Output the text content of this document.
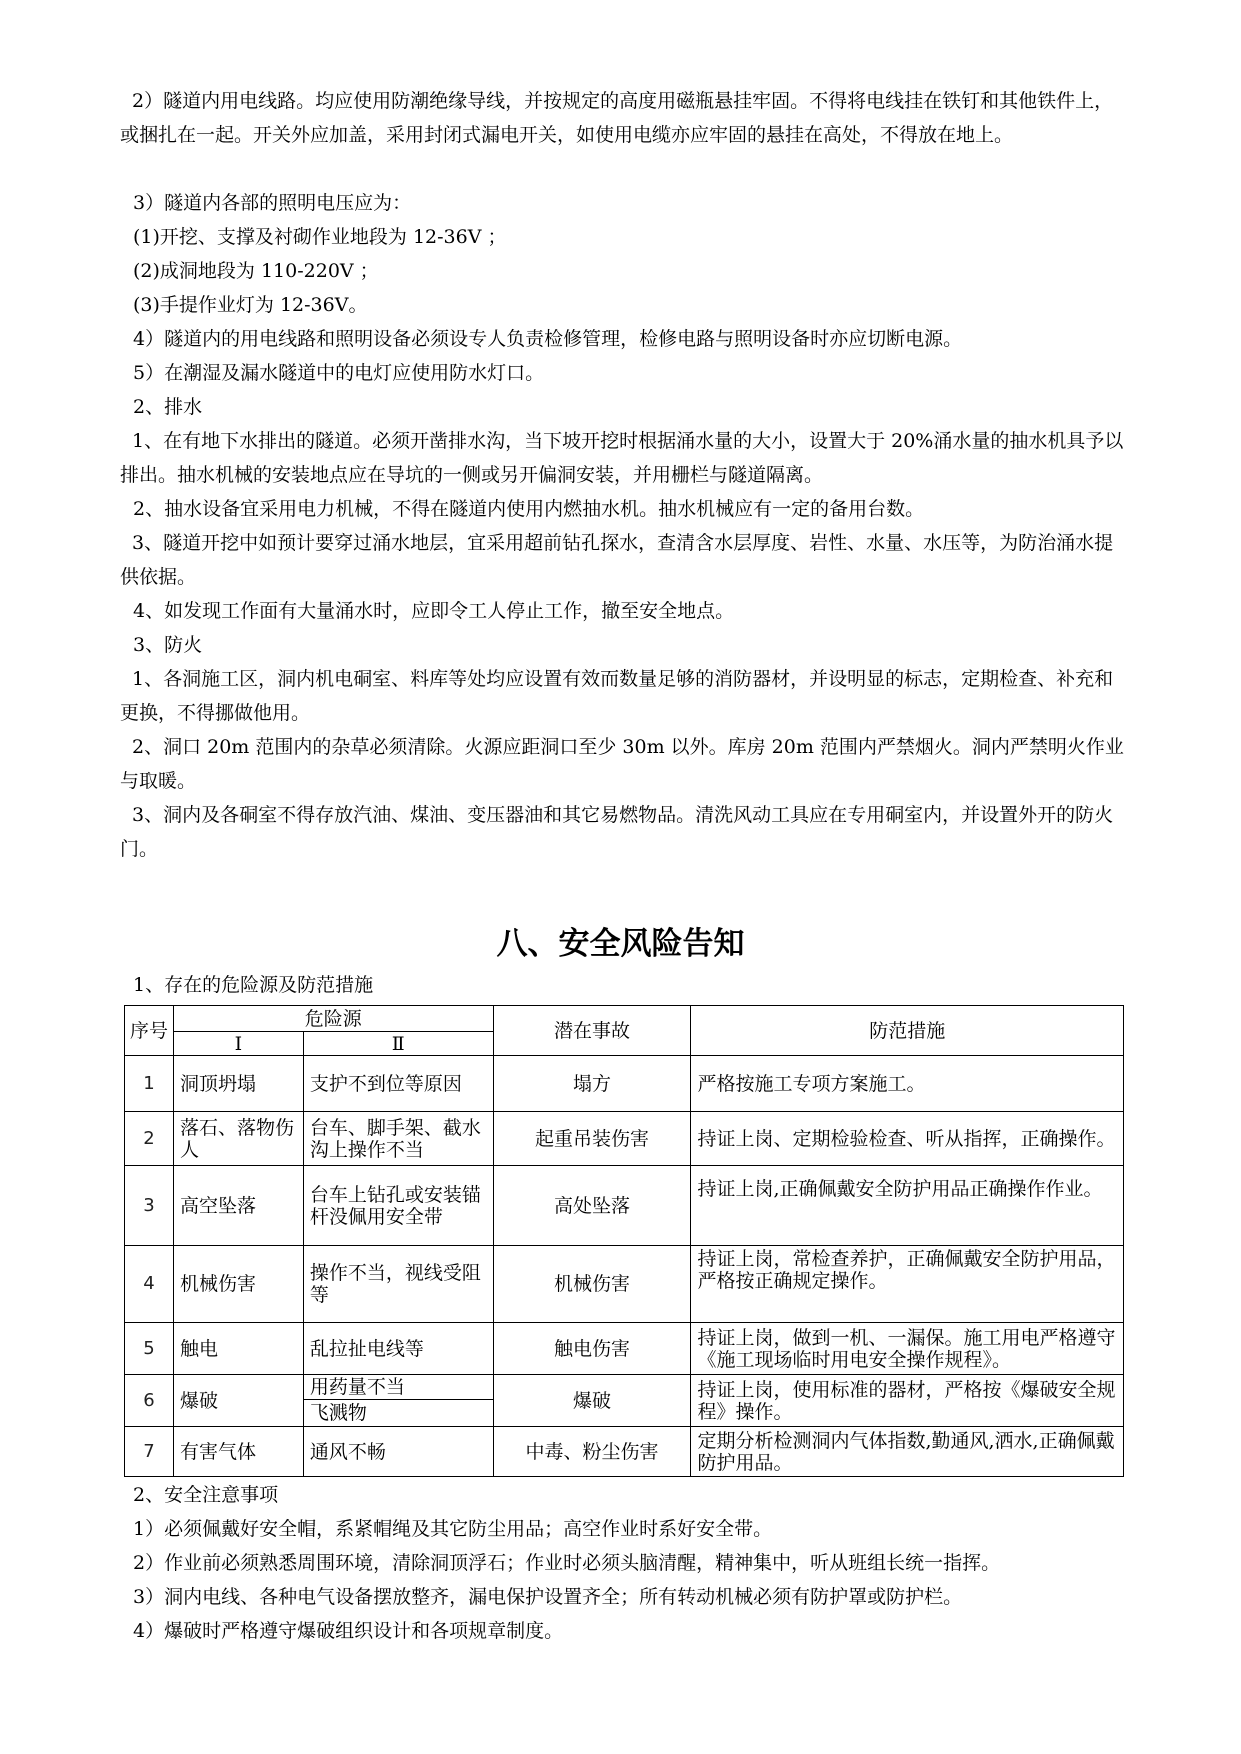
2）隧道内用电线路。均应使用防潮绝缘导线，并按规定的高度用磁瓶悬挂牢固。不得将电线挂在铁钉和其他铁件上，或捆扎在一起。开关外应加盖，采用封闭式漏电开关，如使用电缆亦应牢固的悬挂在高处，不得放在地上。

3）隧道内各部的照明电压应为：

(1)开挖、支撑及衬砌作业地段为 12-36V ；

(2)成洞地段为 110-220V ；

(3)手提作业灯为 12-36V。

4）隧道内的用电线路和照明设备必须设专人负责检修管理，检修电路与照明设备时亦应切断电源。

5）在潮湿及漏水隧道中的电灯应使用防水灯口。

2、排水

1、在有地下水排出的隧道。必须开凿排水沟，当下坡开挖时根据涌水量的大小，设置大于 20%涌水量的抽水机具予以排出。抽水机械的安装地点应在导坑的一侧或另开偏洞安装，并用栅栏与隧道隔离。

2、抽水设备宜采用电力机械，不得在隧道内使用内燃抽水机。抽水机械应有一定的备用台数。

3、隧道开挖中如预计要穿过涌水地层，宜采用超前钻孔探水，查清含水层厚度、岩性、水量、水压等，为防治涌水提供依据。

4、如发现工作面有大量涌水时，应即令工人停止工作，撤至安全地点。

3、防火

1、各洞施工区，洞内机电硐室、料库等处均应设置有效而数量足够的消防器材，并设明显的标志，定期检查、补充和更换，不得挪做他用。

2、洞口 20m 范围内的杂草必须清除。火源应距洞口至少 30m 以外。库房 20m 范围内严禁烟火。洞内严禁明火作业与取暖。

3、洞内及各硐室不得存放汽油、煤油、变压器油和其它易燃物品。清洗风动工具应在专用硐室内，并设置外开的防火门。

八、安全风险告知

1、存在的危险源及防范措施

序号	危险源		潜在事故	防范措施
	Ⅰ	Ⅱ		
1	洞顶坍塌	支护不到位等原因	塌方	严格按施工专项方案施工。
2	落石、落物伤人	台车、脚手架、截水沟上操作不当	起重吊装伤害	持证上岗、定期检验检查、听从指挥，正确操作。
3	高空坠落	台车上钻孔或安装锚杆没佩用安全带	高处坠落	持证上岗,正确佩戴安全防护用品正确操作作业。
4	机械伤害	操作不当，视线受阻等	机械伤害	持证上岗，常检查养护，正确佩戴安全防护用品，严格按正确规定操作。
5	触电	乱拉扯电线等	触电伤害	持证上岗，做到一机、一漏保。施工用电严格遵守《施工现场临时用电安全操作规程》。
6	爆破	用药量不当	爆破	持证上岗，使用标准的器材，严格按《爆破安全规程》操作。
		飞溅物		
7	有害气体	通风不畅	中毒、粉尘伤害	定期分析检测洞内气体指数,勤通风,洒水,正确佩戴防护用品。

2、安全注意事项

1）必须佩戴好安全帽，系紧帽绳及其它防尘用品；高空作业时系好安全带。

2）作业前必须熟悉周围环境，清除洞顶浮石；作业时必须头脑清醒，精神集中，听从班组长统一指挥。

3）洞内电线、各种电气设备摆放整齐，漏电保护设置齐全；所有转动机械必须有防护罩或防护栏。

4）爆破时严格遵守爆破组织设计和各项规章制度。
